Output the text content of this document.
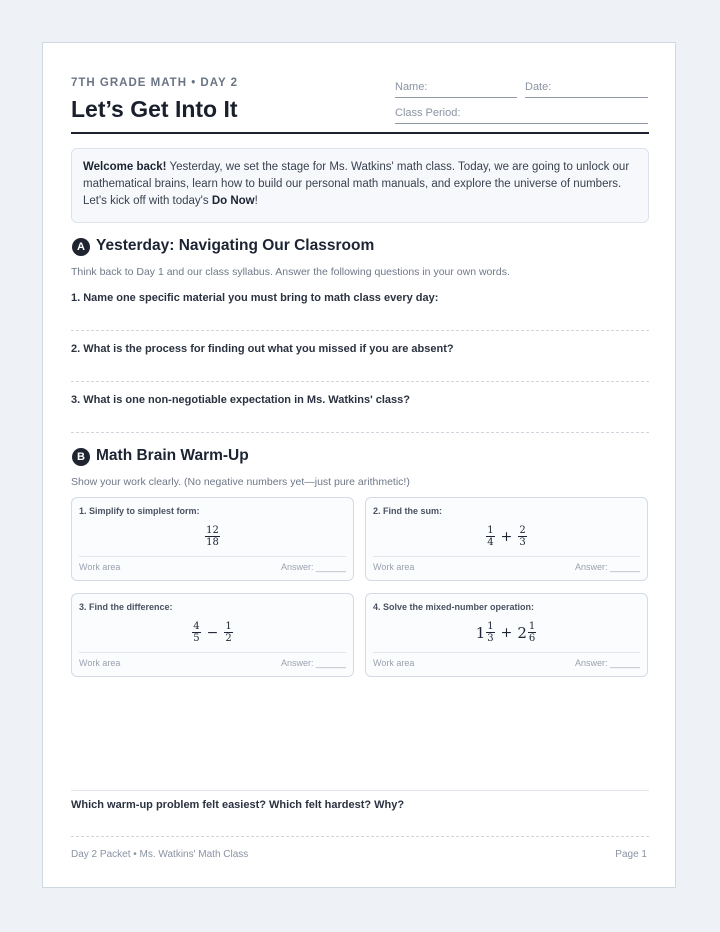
7TH GRADE MATH • DAY 2
Let’s Get Into It
Name:	Date:
Class Period:
Welcome back! Yesterday, we set the stage for Ms. Watkins' math class. Today, we are going to unlock our mathematical brains, learn how to build our personal math manuals, and explore the universe of numbers. Let's kick off with today's Do Now!
A Yesterday: Navigating Our Classroom
Think back to Day 1 and our class syllabus. Answer the following questions in your own words.
1. Name one specific material you must bring to math class every day:
2. What is the process for finding out what you missed if you are absent?
3. What is one non-negotiable expectation in Ms. Watkins' class?
B Math Brain Warm-Up
Show your work clearly. (No negative numbers yet—just pure arithmetic!)
1. Simplify to simplest form:
$\frac{12}{18}$
Work area	Answer: ______
2. Find the sum:
$\frac{1}{4} + \frac{2}{3}$
Work area	Answer: ______
3. Find the difference:
$\frac{4}{5} - \frac{1}{2}$
Work area	Answer: ______
4. Solve the mixed-number operation:
$1 \frac{1}{3} + 2 \frac{1}{6}$
Work area	Answer: ______
Which warm-up problem felt easiest? Which felt hardest? Why?
Day 2 Packet • Ms. Watkins' Math Class	Page 1
